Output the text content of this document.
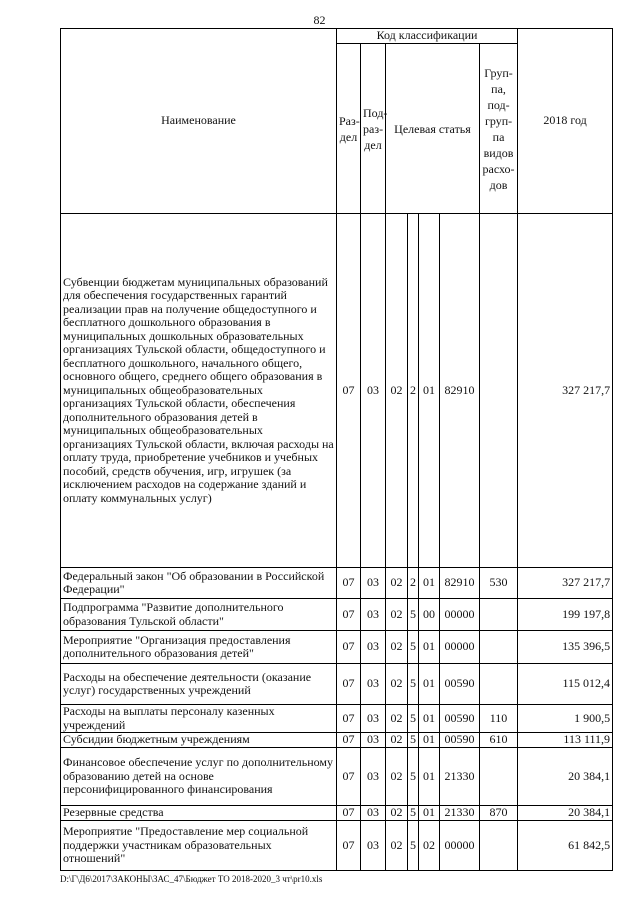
82
Наименование	Код классификации							2018 год
	Раз-дел	Под-раз-дел	Целевая статья				Груп-па, под-груп-па видов расхо-дов	
Субвенции бюджетам муниципальных образований для обеспечения государственных гарантий реализации прав на получение общедоступного и бесплатного дошкольного образования в муниципальных дошкольных образовательных организациях Тульской области, общедоступного и бесплатного дошкольного, начального общего, основного общего, среднего общего образования в муниципальных общеобразовательных организациях Тульской области, обеспечения дополнительного образования детей в муниципальных общеобразовательных организациях Тульской области, включая расходы на оплату труда, приобретение учебников и учебных пособий, средств обучения, игр, игрушек (за исключением расходов на содержание зданий и оплату коммунальных услуг)	07	03	02	2	01	82910		327 217,7
Федеральный закон "Об образовании в Российской Федерации"	07	03	02	2	01	82910	530	327 217,7
Подпрограмма "Развитие дополнительного образования Тульской области"	07	03	02	5	00	00000		199 197,8
Мероприятие "Организация предоставления дополнительного образования детей"	07	03	02	5	01	00000		135 396,5
Расходы на обеспечение деятельности (оказание услуг) государственных учреждений	07	03	02	5	01	00590		115 012,4
Расходы на выплаты персоналу казенных учреждений	07	03	02	5	01	00590	110	1 900,5
Субсидии бюджетным учреждениям	07	03	02	5	01	00590	610	113 111,9
Финансовое обеспечение услуг по дополнительному образованию детей на основе персонифицированного финансирования	07	03	02	5	01	21330		20 384,1
Резервные средства	07	03	02	5	01	21330	870	20 384,1
Мероприятие "Предоставление мер социальной поддержки участникам образовательных отношений"	07	03	02	5	02	00000		61 842,5
D:\Г\Д6\2017\ЗАКОНЫ\ЗАС_47\Бюджет ТО 2018-2020_3 чт\pr10.xls
